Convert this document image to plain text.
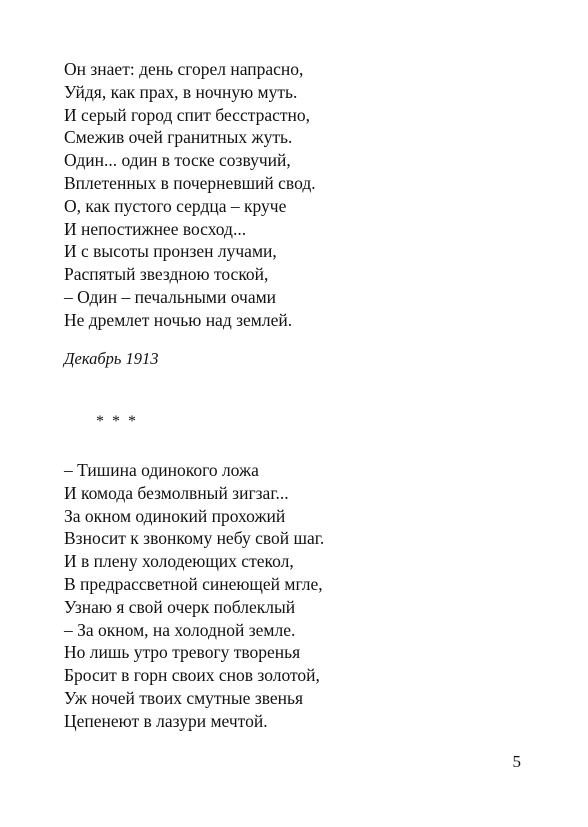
Он знает: день сгорел напрасно,
Уйдя, как прах, в ночную муть.
И серый город спит бесстрастно,
Смежив очей гранитных жуть.
Один... один в тоске созвучий,
Вплетенных в почерневший свод.
О, как пустого сердца – круче
И непостижнее восход...
И с высоты пронзен лучами,
Распятый звездною тоской,
– Один – печальными очами
Не дремлет ночью над землей.
Декабрь 1913
* * *
– Тишина одинокого ложа
И комода безмолвный зигзаг...
За окном одинокий прохожий
Взносит к звонкому небу свой шаг.
И в плену холодеющих стекол,
В предрассветной синеющей мгле,
Узнаю я свой очерк поблеклый
– За окном, на холодной земле.
Но лишь утро тревогу творенья
Бросит в горн своих снов золотой,
Уж ночей твоих смутные звенья
Цепенеют в лазури мечтой.
5
